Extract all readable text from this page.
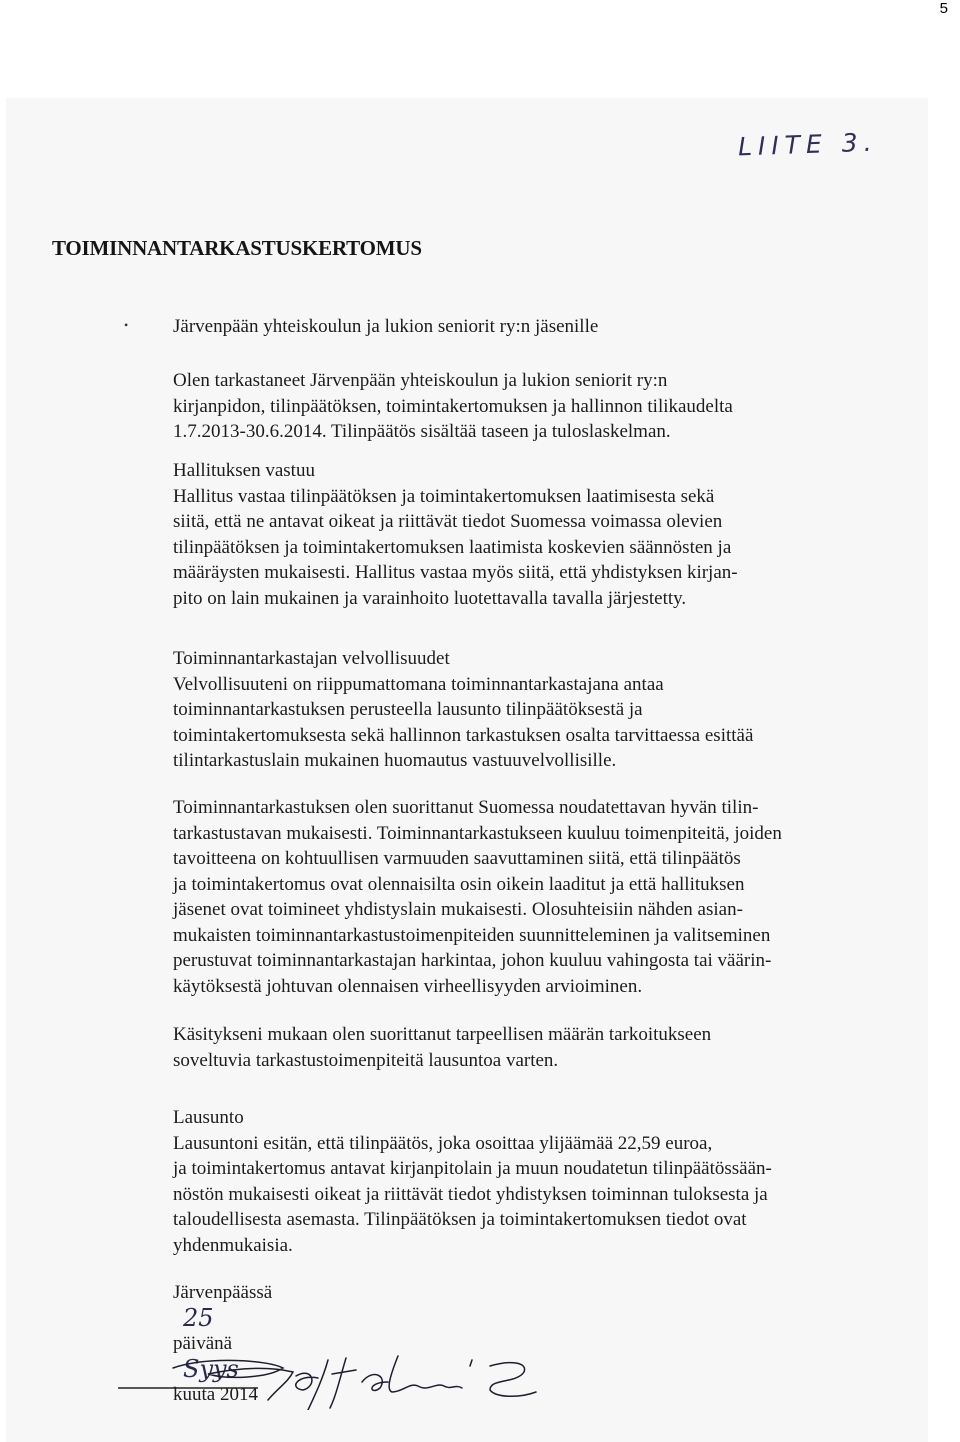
5
LIITE 3.
TOIMINNANTARKASTUSKERTOMUS
• Järvenpään yhteiskoulun ja lukion seniorit ry:n jäsenille

Olen tarkastaneet Järvenpään yhteiskoulun ja lukion seniorit ry:n
kirjanpidon, tilinpäätöksen, toimintakertomuksen ja hallinnon tilikaudelta
1.7.2013-30.6.2014. Tilinpäätös sisältää taseen ja tuloslaskelman.

Hallituksen vastuu
Hallitus vastaa tilinpäätöksen ja toimintakertomuksen laatimisesta sekä
siitä, että ne antavat oikeat ja riittävät tiedot Suomessa voimassa olevien
tilinpäätöksen ja toimintakertomuksen laatimista koskevien säännösten ja
määräysten mukaisesti. Hallitus vastaa myös siitä, että yhdistyksen kirjan-
pito on lain mukainen ja varainhoito luotettavalla tavalla järjestetty.
Toiminnantarkastajan velvollisuudet
Velvollisuuteni on riippumattomana toiminnantarkastajana antaa
toiminnantarkastuksen perusteella lausunto tilinpäätöksestä ja
toimintakertomuksesta sekä hallinnon tarkastuksen osalta tarvittaessa esittää
tilintarkastuslain mukainen huomautus vastuuvelvollisille.
Toiminnantarkastuksen olen suorittanut Suomessa noudatettavan hyvän tilin-
tarkastustavan mukaisesti. Toiminnantarkastukseen kuuluu toimenpiteitä, joiden
tavoitteena on kohtuullisen varmuuden saavuttaminen siitä, että tilinpäätös
ja toimintakertomus ovat olennaisilta osin oikein laaditut ja että hallituksen
jäsenet ovat toimineet yhdistyslain mukaisesti. Olosuhteisiin nähden asian-
mukaisten toiminnantarkastustoimenpiteiden suunnitteleminen ja valitseminen
perustuvat toiminnantarkastajan harkintaa, johon kuuluu vahingosta tai väärin-
käytöksestä johtuvan olennaisen virheellisyyden arvioiminen.
Käsitykseni mukaan olen suorittanut tarpeellisen määrän tarkoitukseen
soveltuvia tarkastustoimenpiteitä lausuntoa varten.
Lausunto
Lausuntoni esitän, että tilinpäätös, joka osoittaa ylijäämää 22,59 euroa,
ja toimintakertomus antavat kirjanpitolain ja muun noudatetun tilinpäätössään-
nöstön mukaisesti oikeat ja riittävät tiedot yhdistyksen toiminnan tuloksesta ja
taloudellisesta asemasta. Tilinpäätöksen ja toimintakertomuksen tiedot ovat
yhdenmukaisia.

Järvenpäässä
25
päivänä
Syys
kuuta 2014
